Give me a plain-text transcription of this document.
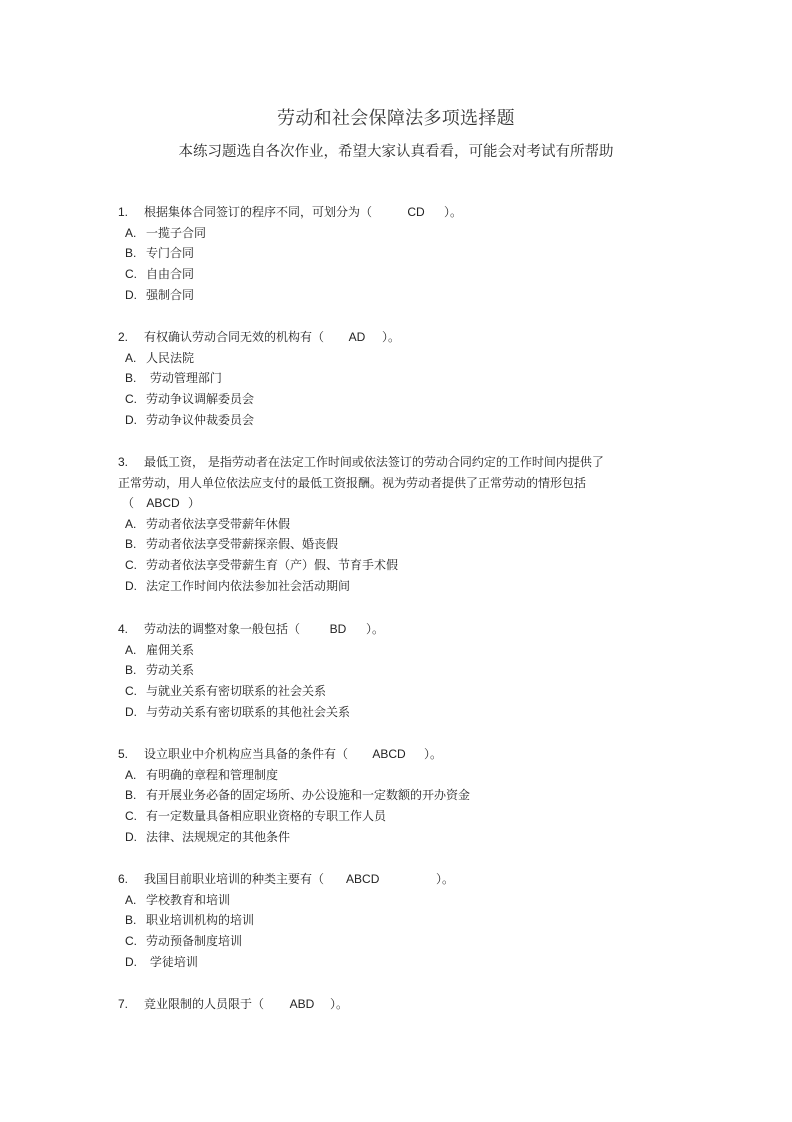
劳动和社会保障法多项选择题
本练习题选自各次作业，希望大家认真看看，可能会对考试有所帮助
1. 根据集体合同签订的程序不同，可划分为（	CD ）。
A. 一揽子合同
B. 专门合同
C. 自由合同
D. 强制合同
2. 有权确认劳动合同无效的机构有（ AD ）。
A. 人民法院
B. 劳动管理部门
C. 劳动争议调解委员会
D. 劳动争议仲裁委员会
3. 最低工资， 是指劳动者在法定工作时间或依法签订的劳动合同约定的工作时间内提供了
正常劳动，用人单位依法应支付的最低工资报酬。视为劳动者提供了正常劳动的情形包括
（ ABCD ）
A. 劳动者依法享受带薪年休假
B. 劳动者依法享受带薪探亲假、婚丧假
C. 劳动者依法享受带薪生育（产）假、节育手术假
D. 法定工作时间内依法参加社会活动期间
4. 劳动法的调整对象一般包括（ BD ）。
A. 雇佣关系
B. 劳动关系
C. 与就业关系有密切联系的社会关系
D. 与劳动关系有密切联系的其他社会关系
5. 设立职业中介机构应当具备的条件有（ ABCD ）。
A. 有明确的章程和管理制度
B. 有开展业务必备的固定场所、办公设施和一定数额的开办资金
C. 有一定数量具备相应职业资格的专职工作人员
D. 法律、法规规定的其他条件
6. 我国目前职业培训的种类主要有（ ABCD	）。
A. 学校教育和培训
B. 职业培训机构的培训
C. 劳动预备制度培训
D. 学徒培训
7. 竞业限制的人员限于（ ABD ）。
